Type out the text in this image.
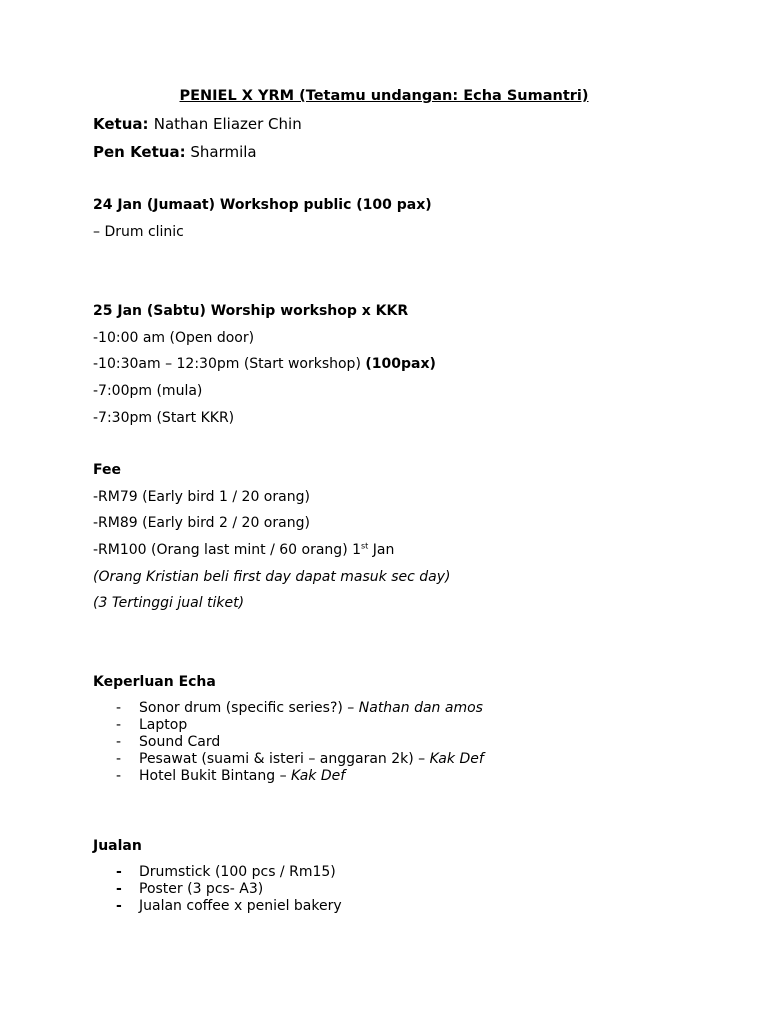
PENIEL X YRM (Tetamu undangan: Echa Sumantri)
Ketua: Nathan Eliazer Chin
Pen Ketua: Sharmila
24 Jan (Jumaat) Workshop public (100 pax)
– Drum clinic
25 Jan (Sabtu) Worship workshop x KKR
-10:00 am (Open door)
-10:30am – 12:30pm (Start workshop) (100pax)
-7:00pm (mula)
-7:30pm (Start KKR)
Fee
-RM79 (Early bird 1 / 20 orang)
-RM89 (Early bird 2 / 20 orang)
-RM100 (Orang last mint / 60 orang) 1st Jan
(Orang Kristian beli first day dapat masuk sec day)
(3 Tertinggi jual tiket)
Keperluan Echa
- Sonor drum (specific series?) – Nathan dan amos
- Laptop
- Sound Card
- Pesawat (suami & isteri – anggaran 2k) – Kak Def
- Hotel Bukit Bintang – Kak Def
Jualan
- Drumstick (100 pcs / Rm15)
- Poster (3 pcs- A3)
- Jualan coffee x peniel bakery
